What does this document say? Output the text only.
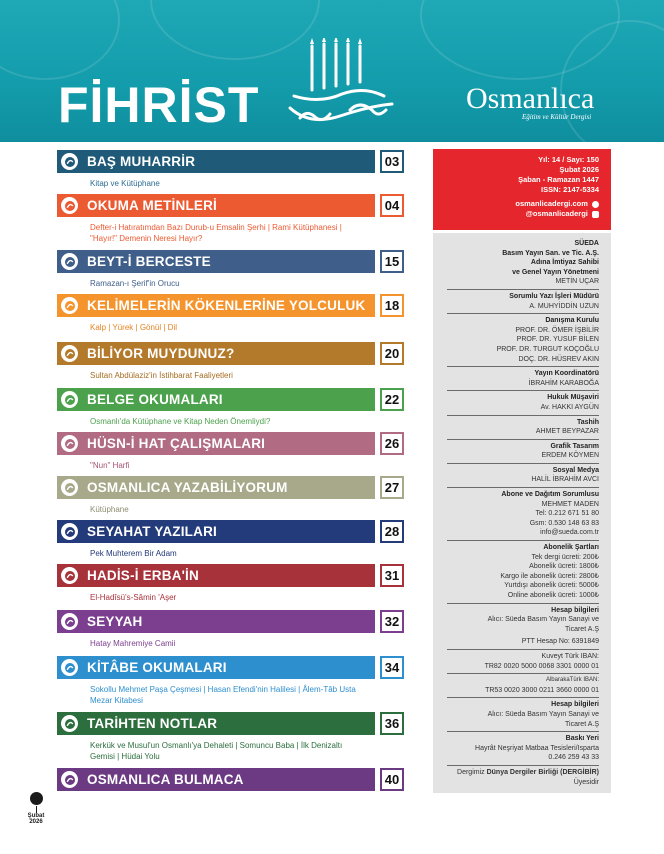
FİHRİST	Osmanlıca
Eğitim ve Kültür Dergisi
BAŞ MUHARRİR	03
Kitap ve Kütüphane
OKUMA METİNLERİ	04
Defter-i Hatıratımdan Bazı Durub-u Emsalin Şerhi | Rami Kütüphanesi | "Hayır!" Demenin Neresi Hayır?
BEYT-İ BERCESTE	15
Ramazan-ı Şerif'in Orucu
KELİMELERİN KÖKENLERİNE YOLCULUK	18
Kalp | Yürek | Gönül | Dil
BİLİYOR MUYDUNUZ?	20
Sultan Abdülaziz'in İstihbarat Faaliyetleri
BELGE OKUMALARI	22
Osmanlı'da Kütüphane ve Kitap Neden Önemliydi?
HÜSN-İ HAT ÇALIŞMALARI	26
"Nun" Harfi
OSMANLICA YAZABİLİYORUM	27
Kütüphane
SEYAHAT YAZILARI	28
Pek Muhterem Bir Adam
HADİS-İ ERBA'İN	31
El-Hadîsü's-Sâmin 'Aşer
SEYYAH	32
Hatay Mahremiye Camii
KİTÂBE OKUMALARI	34
Sokollu Mehmet Paşa Çeşmesi | Hasan Efendi'nin Halilesi | Âlem-Tâb Usta Mezar Kitabesi
TARİHTEN NOTLAR	36
Kerkük ve Musul'un Osmanlı'ya Dehaleti | Somuncu Baba | İlk Denizaltı Gemisi | Hüdai Yolu
OSMANLICA BULMACA	40
Yıl: 14 / Sayı: 150
Şubat 2026
Şaban - Ramazan 1447
ISSN: 2147-5334
osmanlicadergi.com
@osmanlicadergi
SÜEDA
Basım Yayın San. ve Tic. A.Ş.
Adına İmtiyaz Sahibi
ve Genel Yayın Yönetmeni
METİN UÇAR
Sorumlu Yazı İşleri Müdürü
A. MUHYİDDİN UZUN
Danışma Kurulu
PROF. DR. ÖMER İŞBİLİR
PROF. DR. YUSUF BİLEN
PROF. DR. TURGUT KOÇOĞLU
DOÇ. DR. HÜSREV AKIN
Yayın Koordinatörü
İBRAHİM KARABOĞA
Hukuk Müşaviri
Av. HAKKI AYGÜN
Tashih
AHMET BEYPAZAR
Grafik Tasarım
ERDEM KÖYMEN
Sosyal Medya
HALİL İBRAHİM AVCI
Abone ve Dağıtım Sorumlusu
MEHMET MADEN
Tel: 0.212 671 51 80
Gsm: 0.530 148 63 83
info@sueda.com.tr
Abonelik Şartları
Tek dergi ücreti: 200₺
Abonelik ücreti: 1800₺
Kargo ile abonelik ücreti: 2800₺
Yurtdışı abonelik ücreti: 5000₺
Online abonelik ücreti: 1000₺
Hesap bilgileri
Alıcı: Süeda Basım Yayın Sanayi ve
Ticaret A.Ş
PTT Hesap No: 6391849
Kuveyt Türk IBAN:
TR82 0020 5000 0068 3301 0000 01
AlbarakaTürk IBAN:
TR53 0020 3000 0211 3660 0000 01
Hesap bilgileri
Alıcı: Süeda Basım Yayın Sanayi ve
Ticaret A.Ş
Baskı Yeri
Hayrât Neşriyat Matbaa Tesisleri/Isparta
0.246 259 43 33
Dergimiz Dünya Dergiler Birliği (DERGİBİR)
Üyesidir
Şubat
2026
